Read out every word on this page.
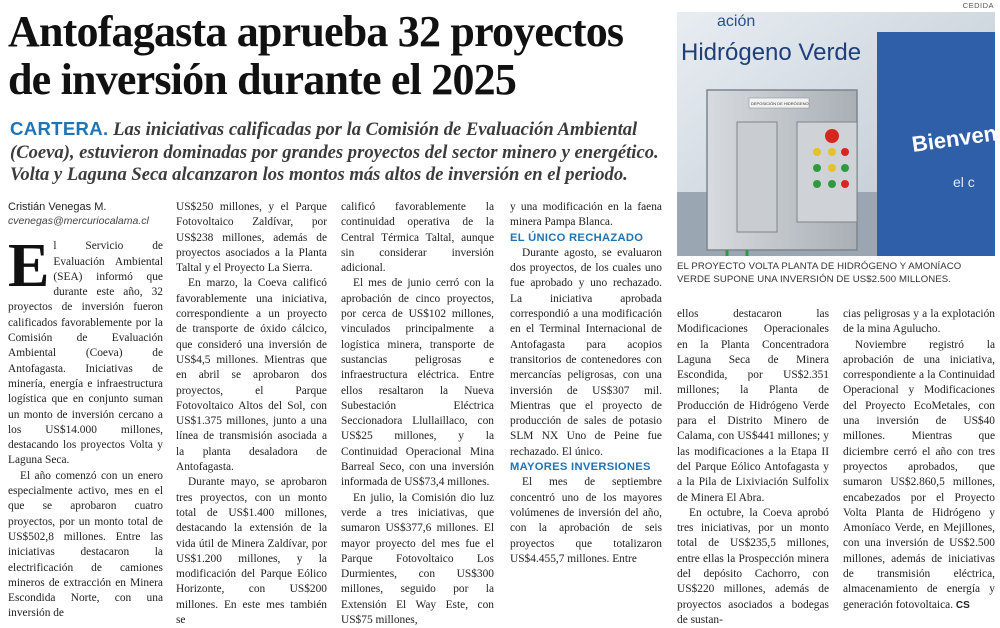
Antofagasta aprueba 32 proyectos
de inversión durante el 2025

CARTERA. Las iniciativas calificadas por la Comisión de Evaluación Ambiental (Coeva), estuvieron dominadas por grandes proyectos del sector minero y energético. Volta y Laguna Seca alcanzaron los montos más altos de inversión en el periodo.

ación
Hidrógeno Verde
Bienven
el c
DEPOSICIÓN DE HIDRÓGENO
CEDIDA
EL PROYECTO VOLTA PLANTA DE HIDRÓGENO Y AMONÍACO VERDE SUPONE UNA INVERSIÓN DE US$2.500 MILLONES.
Cristián Venegas M.
cvenegas@mercuriocalama.cl

El Servicio de Evaluación Ambiental (SEA) informó que durante este año, 32 proyectos de inversión fueron calificados favorablemente por la Comisión de Evaluación Ambiental (Coeva) de Antofagasta. Iniciativas de minería, energía e infraestructura logística que en conjunto suman un monto de inversión cercano a los US$14.000 millones, destacando los proyectos Volta y Laguna Seca.

El año comenzó con un enero especialmente activo, mes en el que se aprobaron cuatro proyectos, por un monto total de US$502,8 millones. Entre las iniciativas destacaron la electrificación de camiones mineros de extracción en Minera Escondida Norte, con una inversión de

US$250 millones, y el Parque Fotovoltaico Zaldívar, por US$238 millones, además de proyectos asociados a la Planta Taltal y el Proyecto La Sierra.

En marzo, la Coeva calificó favorablemente una iniciativa, correspondiente a un proyecto de transporte de óxido cálcico, que consideró una inversión de US$4,5 millones. Mientras que en abril se aprobaron dos proyectos, el Parque Fotovoltaico Altos del Sol, con US$1.375 millones, junto a una línea de transmisión asociada a la planta desaladora de Antofagasta.

Durante mayo, se aprobaron tres proyectos, con un monto total de US$1.400 millones, destacando la extensión de la vida útil de Minera Zaldívar, por US$1.200 millones, y la modificación del Parque Eólico Horizonte, con US$200 millones. En este mes también se

calificó favorablemente la continuidad operativa de la Central Térmica Taltal, aunque sin considerar inversión adicional.

El mes de junio cerró con la aprobación de cinco proyectos, por cerca de US$102 millones, vinculados principalmente a logística minera, transporte de sustancias peligrosas e infraestructura eléctrica. Entre ellos resaltaron la Nueva Subestación Eléctrica Seccionadora Llullaillaco, con US$25 millones, y la Continuidad Operacional Mina Barreal Seco, con una inversión informada de US$73,4 millones.

En julio, la Comisión dio luz verde a tres iniciativas, que sumaron US$377,6 millones. El mayor proyecto del mes fue el Parque Fotovoltaico Los Durmientes, con US$300 millones, seguido por la Extensión El Way Este, con US$75 millones,

y una modificación en la faena minera Pampa Blanca.

EL ÚNICO RECHAZADO

Durante agosto, se evaluaron dos proyectos, de los cuales uno fue aprobado y uno rechazado. La iniciativa aprobada correspondió a una modificación en el Terminal Internacional de Antofagasta para acopios transitorios de contenedores con mercancías peligrosas, con una inversión de US$307 mil. Mientras que el proyecto de producción de sales de potasio SLM NX Uno de Peine fue rechazado. El único.

MAYORES INVERSIONES

El mes de septiembre concentró uno de los mayores volúmenes de inversión del año, con la aprobación de seis proyectos que totalizaron US$4.455,7 millones. Entre

ellos destacaron las Modificaciones Operacionales en la Planta Concentradora Laguna Seca de Minera Escondida, por US$2.351 millones; la Planta de Producción de Hidrógeno Verde para el Distrito Minero de Calama, con US$441 millones; y las modificaciones a la Etapa II del Parque Eólico Antofagasta y a la Pila de Lixiviación Sulfolix de Minera El Abra.

En octubre, la Coeva aprobó tres iniciativas, por un monto total de US$235,5 millones, entre ellas la Prospección minera del depósito Cachorro, con US$220 millones, además de proyectos asociados a bodegas de sustan-

cias peligrosas y a la explotación de la mina Agulucho.

Noviembre registró la aprobación de una iniciativa, correspondiente a la Continuidad Operacional y Modificaciones del Proyecto EcoMetales, con una inversión de US$40 millones. Mientras que diciembre cerró el año con tres proyectos aprobados, que sumaron US$2.860,5 millones, encabezados por el Proyecto Volta Planta de Hidrógeno y Amoníaco Verde, en Mejillones, con una inversión de US$2.500 millones, además de iniciativas de transmisión eléctrica, almacenamiento de energía y generación fotovoltaica. CS
